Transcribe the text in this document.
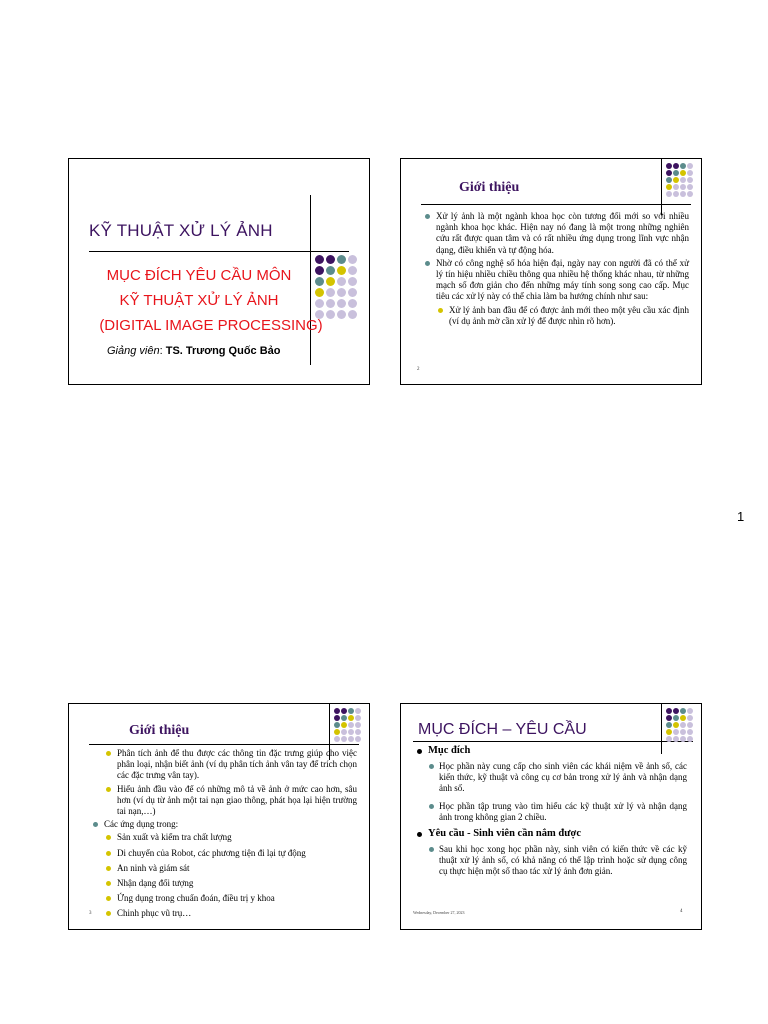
KỸ THUẬT XỬ LÝ ẢNH
MỤC ĐÍCH YÊU CẦU MÔN
KỸ THUẬT XỬ LÝ ẢNH
(DIGITAL IMAGE PROCESSING)
Giảng viên: TS. Trương Quốc Bảo
Giới thiệu
Xử lý ảnh là một ngành khoa học còn tương đối mới so với nhiều ngành khoa học khác. Hiện nay nó đang là một trong những nghiên cứu rất được quan tâm và có rất nhiều ứng dụng trong lĩnh vực nhận dạng, điều khiển và tự động hóa.
Nhờ có công nghệ số hóa hiện đại, ngày nay con người đã có thể xử lý tín hiệu nhiều chiều thông qua nhiều hệ thống khác nhau, từ những mạch số đơn giản cho đến những máy tính song song cao cấp. Mục tiêu các xử lý này có thể chia làm ba hướng chính như sau:
Xử lý ảnh ban đầu để có được ảnh mới theo một yêu cầu xác định (ví dụ ảnh mờ cần xử lý để được nhìn rõ hơn).
2
1
Giới thiệu
Phân tích ảnh để thu được các thông tin đặc trưng giúp cho việc phân loại, nhận biết ảnh (ví dụ phân tích ảnh vân tay để trích chọn các đặc trưng vân tay).
Hiểu ảnh đầu vào để có những mô tả về ảnh ở mức cao hơn, sâu hơn (ví dụ từ ảnh một tai nạn giao thông, phát họa lại hiện trường tai nạn,…)
Các ứng dụng trong:
Sản xuất và kiểm tra chất lượng
Di chuyển của Robot, các phương tiện đi lại tự động
An ninh và giám sát
Nhận dạng đối tượng
Ứng dụng trong chuẩn đoán, điều trị y khoa
Chinh phục vũ trụ…
3
MỤC ĐÍCH – YÊU CẦU
Mục đích
Học phần này cung cấp cho sinh viên các khái niệm về ảnh số, các kiến thức, kỹ thuật và công cụ cơ bản trong xử lý ảnh và nhận dạng ảnh số.
Học phần tập trung vào tìm hiểu các kỹ thuật xử lý và nhận dạng ảnh trong không gian 2 chiều.
Yêu cầu - Sinh viên cần nắm được
Sau khi học xong học phần này, sinh viên có kiến thức về các kỹ thuật xử lý ảnh số, có khả năng có thể lập trình hoặc sử dụng công cụ thực hiện một số thao tác xử lý ảnh đơn giản.
Wednesday, December 27, 2023	4
